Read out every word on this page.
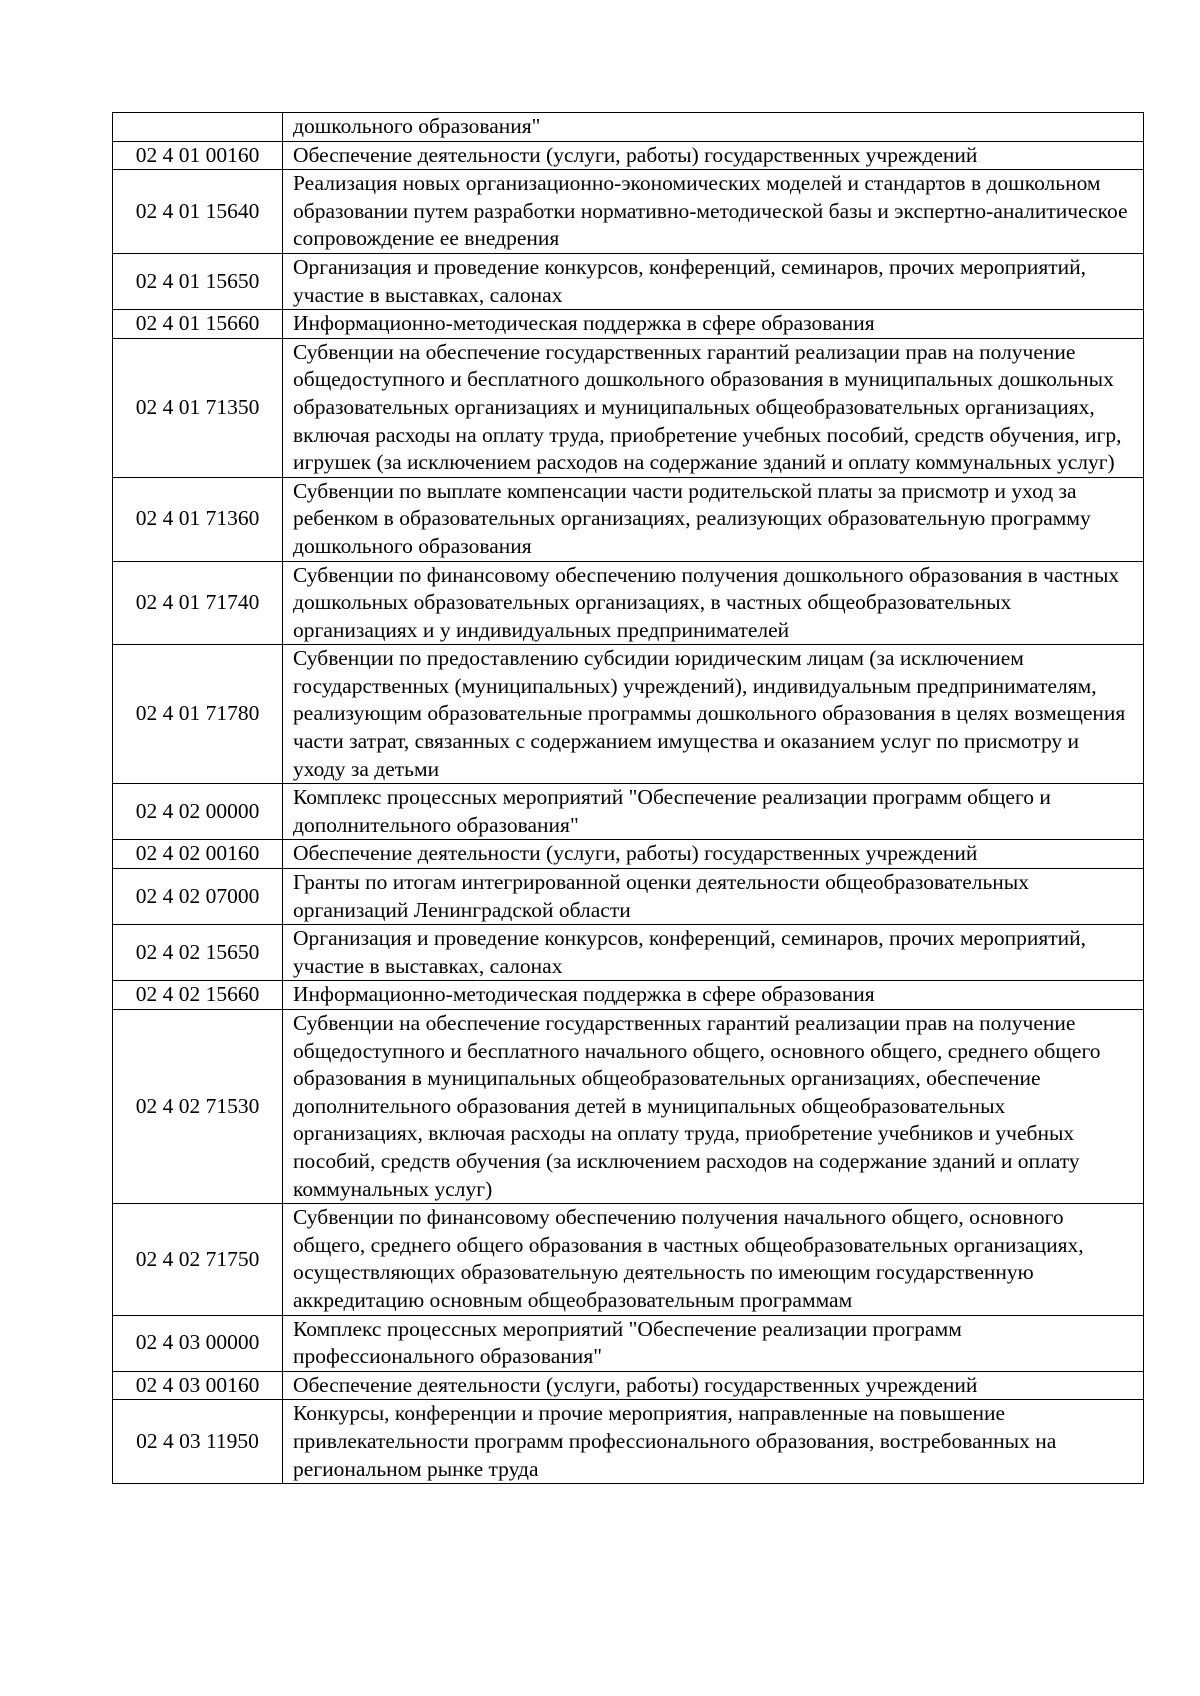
	дошкольного образования"
02 4 01 00160	Обеспечение деятельности (услуги, работы) государственных учреждений
02 4 01 15640	Реализация новых организационно-экономических моделей и стандартов в дошкольном образовании путем разработки нормативно-методической базы и экспертно-аналитическое сопровождение ее внедрения
02 4 01 15650	Организация и проведение конкурсов, конференций, семинаров, прочих мероприятий, участие в выставках, салонах
02 4 01 15660	Информационно-методическая поддержка в сфере образования
02 4 01 71350	Субвенции на обеспечение государственных гарантий реализации прав на получение общедоступного и бесплатного дошкольного образования в муниципальных дошкольных образовательных организациях и муниципальных общеобразовательных организациях, включая расходы на оплату труда, приобретение учебных пособий, средств обучения, игр, игрушек (за исключением расходов на содержание зданий и оплату коммунальных услуг)
02 4 01 71360	Субвенции по выплате компенсации части родительской платы за присмотр и уход за ребенком в образовательных организациях, реализующих образовательную программу дошкольного образования
02 4 01 71740	Субвенции по финансовому обеспечению получения дошкольного образования в частных дошкольных образовательных организациях, в частных общеобразовательных организациях и у индивидуальных предпринимателей
02 4 01 71780	Субвенции по предоставлению субсидии юридическим лицам (за исключением государственных (муниципальных) учреждений), индивидуальным предпринимателям, реализующим образовательные программы дошкольного образования в целях возмещения части затрат, связанных с содержанием имущества и оказанием услуг по присмотру и уходу за детьми
02 4 02 00000	Комплекс процессных мероприятий "Обеспечение реализации программ общего и дополнительного образования"
02 4 02 00160	Обеспечение деятельности (услуги, работы) государственных учреждений
02 4 02 07000	Гранты по итогам интегрированной оценки деятельности общеобразовательных организаций Ленинградской области
02 4 02 15650	Организация и проведение конкурсов, конференций, семинаров, прочих мероприятий, участие в выставках, салонах
02 4 02 15660	Информационно-методическая поддержка в сфере образования
02 4 02 71530	Субвенции на обеспечение государственных гарантий реализации прав на получение общедоступного и бесплатного начального общего, основного общего, среднего общего образования в муниципальных общеобразовательных организациях, обеспечение дополнительного образования детей в муниципальных общеобразовательных организациях, включая расходы на оплату труда, приобретение учебников и учебных пособий, средств обучения (за исключением расходов на содержание зданий и оплату коммунальных услуг)
02 4 02 71750	Субвенции по финансовому обеспечению получения начального общего, основного общего, среднего общего образования в частных общеобразовательных организациях, осуществляющих образовательную деятельность по имеющим государственную аккредитацию основным общеобразовательным программам
02 4 03 00000	Комплекс процессных мероприятий "Обеспечение реализации программ профессионального образования"
02 4 03 00160	Обеспечение деятельности (услуги, работы) государственных учреждений
02 4 03 11950	Конкурсы, конференции и прочие мероприятия, направленные на повышение привлекательности программ профессионального образования, востребованных на региональном рынке труда
